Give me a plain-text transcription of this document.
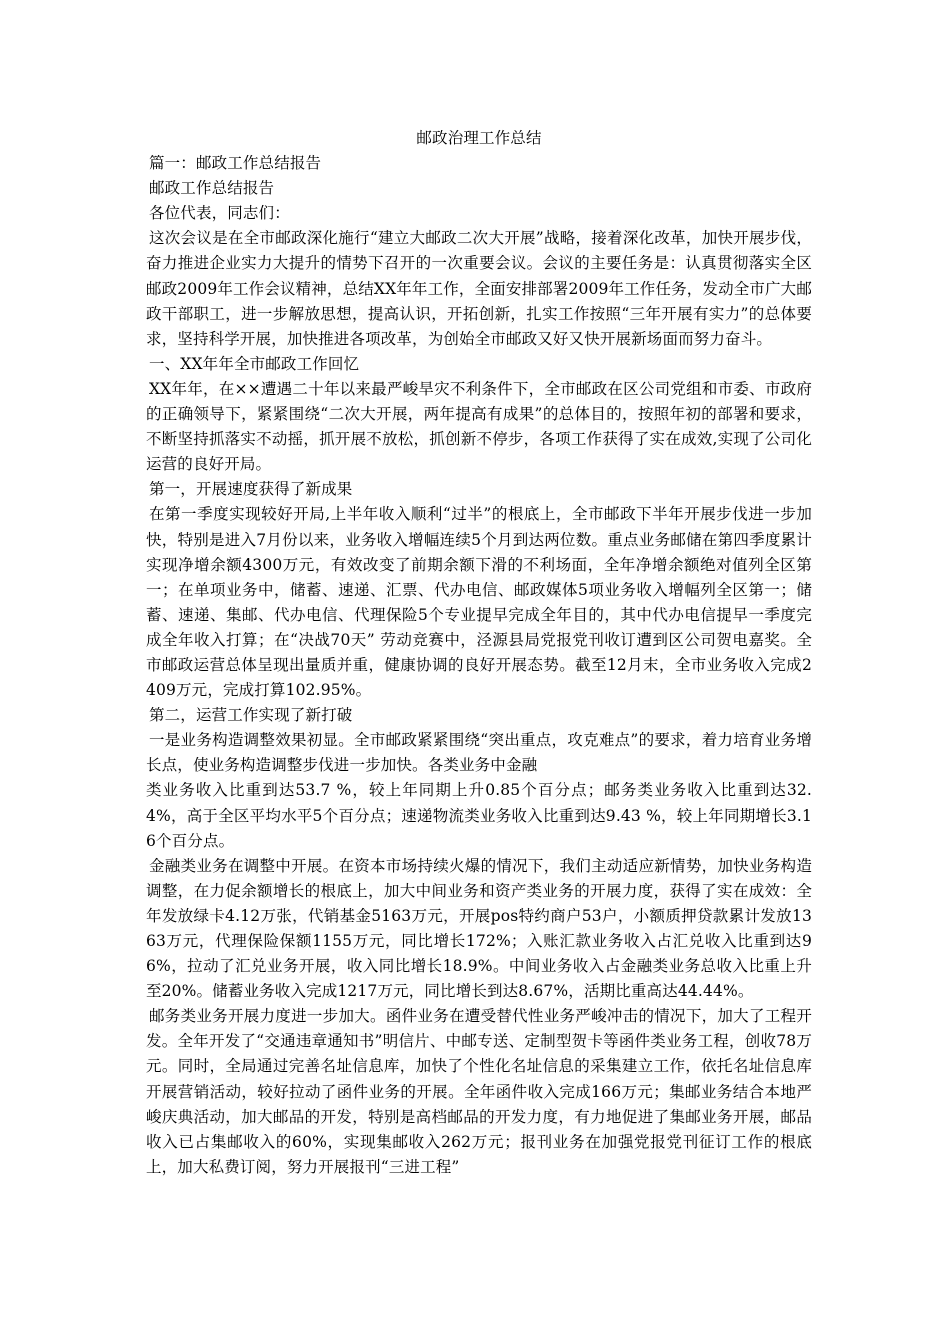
邮政治理工作总结
篇一：邮政工作总结报告
邮政工作总结报告
各位代表，同志们：
这次会议是在全市邮政深化施行“建立大邮政二次大开展”战略，接着深化改革，加快开展步伐，奋力推进企业实力大提升的情势下召开的一次重要会议。会议的主要任务是：认真贯彻落实全区邮政2009年工作会议精神，总结XX年年工作，全面安排部署2009年工作任务，发动全市广大邮政干部职工，进一步解放思想，提高认识，开拓创新，扎实工作按照“三年开展有实力”的总体要求，坚持科学开展，加快推进各项改革，为创始全市邮政又好又快开展新场面而努力奋斗。
一、XX年年全市邮政工作回忆
XX年年，在××遭遇二十年以来最严峻旱灾不利条件下，全市邮政在区公司党组和市委、市政府的正确领导下，紧紧围绕“二次大开展，两年提高有成果”的总体目的，按照年初的部署和要求，不断坚持抓落实不动摇，抓开展不放松，抓创新不停步，各项工作获得了实在成效,实现了公司化运营的良好开局。
第一，开展速度获得了新成果
在第一季度实现较好开局,上半年收入顺利“过半”的根底上，全市邮政下半年开展步伐进一步加快，特别是进入7月份以来，业务收入增幅连续5个月到达两位数。重点业务邮储在第四季度累计实现净增余额4300万元，有效改变了前期余额下滑的不利场面，全年净增余额绝对值列全区第一；在单项业务中，储蓄、速递、汇票、代办电信、邮政媒体5项业务收入增幅列全区第一；储蓄、速递、集邮、代办电信、代理保险5个专业提早完成全年目的，其中代办电信提早一季度完成全年收入打算；在“决战70天” 劳动竞赛中，泾源县局党报党刊收订遭到区公司贺电嘉奖。全市邮政运营总体呈现出量质并重，健康协调的良好开展态势。截至12月末，全市业务收入完成2409万元，完成打算102.95%。
第二，运营工作实现了新打破
一是业务构造调整效果初显。全市邮政紧紧围绕“突出重点，攻克难点”的要求，着力培育业务增长点，使业务构造调整步伐进一步加快。各类业务中金融
类业务收入比重到达53.7 %，较上年同期上升0.85个百分点；邮务类业务收入比重到达32.4%，高于全区平均水平5个百分点；速递物流类业务收入比重到达9.43 %，较上年同期增长3.16个百分点。
金融类业务在调整中开展。在资本市场持续火爆的情况下，我们主动适应新情势，加快业务构造调整，在力促余额增长的根底上，加大中间业务和资产类业务的开展力度，获得了实在成效：全年发放绿卡4.12万张，代销基金5163万元，开展pos特约商户53户，小额质押贷款累计发放1363万元，代理保险保额1155万元，同比增长172%；入账汇款业务收入占汇兑收入比重到达96%，拉动了汇兑业务开展，收入同比增长18.9%。中间业务收入占金融类业务总收入比重上升至20%。储蓄业务收入完成1217万元，同比增长到达8.67%，活期比重高达44.44%。
邮务类业务开展力度进一步加大。函件业务在遭受替代性业务严峻冲击的情况下，加大了工程开发。全年开发了“交通违章通知书”明信片、中邮专送、定制型贺卡等函件类业务工程，创收78万元。同时，全局通过完善名址信息库，加快了个性化名址信息的采集建立工作，依托名址信息库开展营销活动，较好拉动了函件业务的开展。全年函件收入完成166万元；集邮业务结合本地严峻庆典活动，加大邮品的开发，特别是高档邮品的开发力度，有力地促进了集邮业务开展，邮品收入已占集邮收入的60%，实现集邮收入262万元；报刊业务在加强党报党刊征订工作的根底上，加大私费订阅，努力开展报刊“三进工程”
